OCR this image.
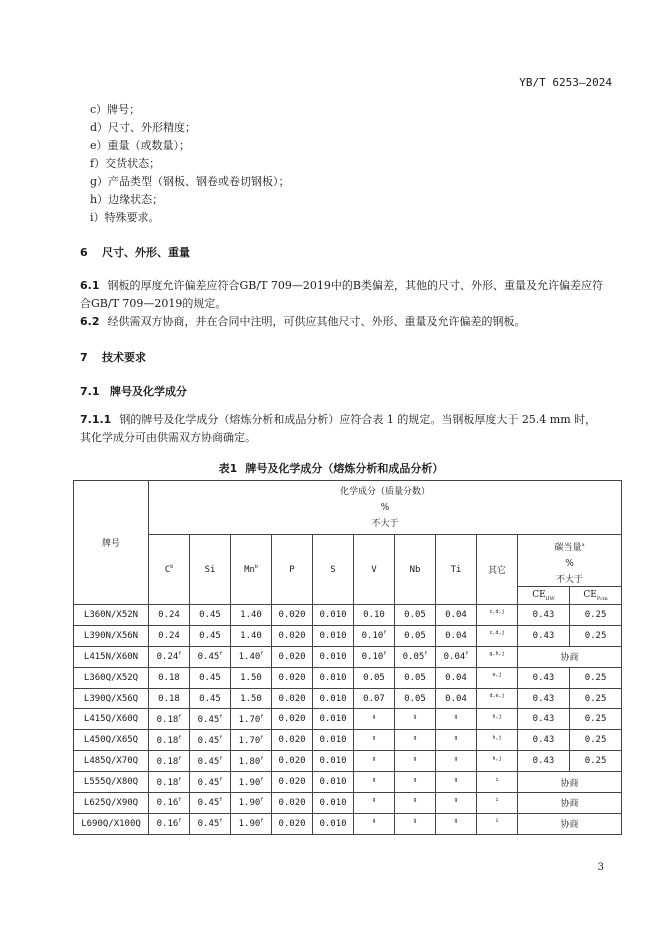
YB/T 6253—2024
c）牌号；
d）尺寸、外形精度；
e）重量（或数量）；
f）交货状态；
g）产品类型（钢板、钢卷或卷切钢板）；
h）边缘状态；
i）特殊要求。
6 尺寸、外形、重量
6.1 钢板的厚度允许偏差应符合GB/T 709—2019中的B类偏差，其他的尺寸、外形、重量及允许偏差应符
合GB/T 709—2019的规定。
6.2 经供需双方协商，并在合同中注明，可供应其他尺寸、外形、重量及允许偏差的钢板。
7 技术要求
7.1 牌号及化学成分
7.1.1 钢的牌号及化学成分（熔炼分析和成品分析）应符合表 1 的规定。当钢板厚度大于 25.4 mm 时，
其化学成分可由供需双方协商确定。
表1 牌号及化学成分（熔炼分析和成品分析）
牌号	化学成分（质量分数）
%
不大于										

	$C^b$	Si	Mn$^b$	P	S	V	Nb	Ti	其它	碳当量$^a$
%
不大于
$CE_{IIW}$ $CE_{Pcm}$

L360N/X52N	0.24	0.45	1.40	0.020	0.010	0.10	0.05	0.04	$^{c,d,j}$	0.43	0.25
L390N/X56N	0.24	0.45	1.40	0.020	0.010	0.10$^f$	0.05	0.04	$^{c,d,j}$	0.43	0.25
L415N/X60N	0.24$^f$	0.45$^f$	1.40$^f$	0.020	0.010	0.10$^f$	0.05$^f$	0.04$^f$	$^{g,h,j}$	协商	
L360Q/X52Q	0.18	0.45	1.50	0.020	0.010	0.05	0.05	0.04	$^{e,j}$	0.43	0.25
L390Q/X56Q	0.18	0.45	1.50	0.020	0.010	0.07	0.05	0.04	$^{d,e,j}$	0.43	0.25
L415Q/X60Q	0.18$^f$	0.45$^f$	1.70$^f$	0.020	0.010	$^g$	$^g$	$^g$	$^{h,j}$	0.43	0.25
L450Q/X65Q	0.18$^f$	0.45$^f$	1.70$^f$	0.020	0.010	$^g$	$^g$	$^g$	$^{h,j}$	0.43	0.25
L485Q/X70Q	0.18$^f$	0.45$^f$	1.80$^f$	0.020	0.010	$^g$	$^g$	$^g$	$^{h,j}$	0.43	0.25
L555Q/X80Q	0.18$^f$	0.45$^f$	1.90$^f$	0.020	0.010	$^g$	$^g$	$^g$	$^i$	协商	
L625Q/X90Q	0.16$^f$	0.45$^f$	1.90$^f$	0.020	0.010	$^g$	$^g$	$^g$	$^i$	协商	
L690Q/X100Q	0.16$^f$	0.45$^f$	1.90$^f$	0.020	0.010	$^g$	$^g$	$^g$	$^i$	协商	
3
